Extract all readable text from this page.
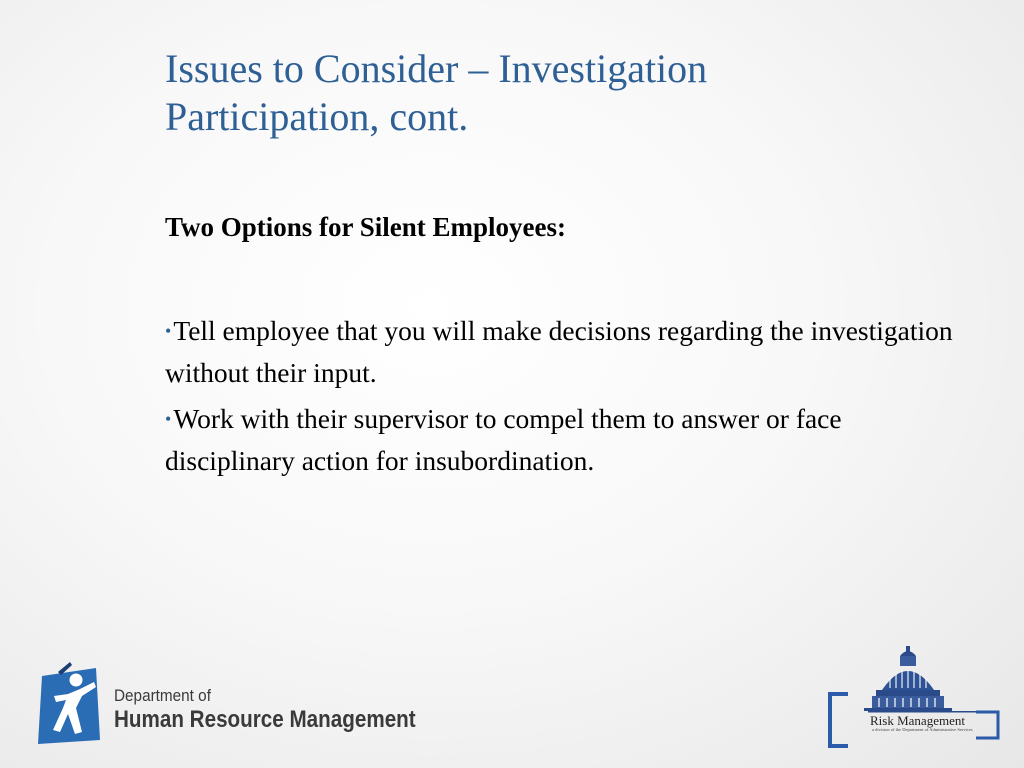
Issues to Consider – Investigation
Participation, cont.

Two Options for Silent Employees:

•Tell employee that you will make decisions regarding the investigation without their input.
•Work with their supervisor to compel them to answer or face disciplinary action for insubordination.
Department of
Human Resource Management	Risk Management
a division of the Department of Administrative Services
